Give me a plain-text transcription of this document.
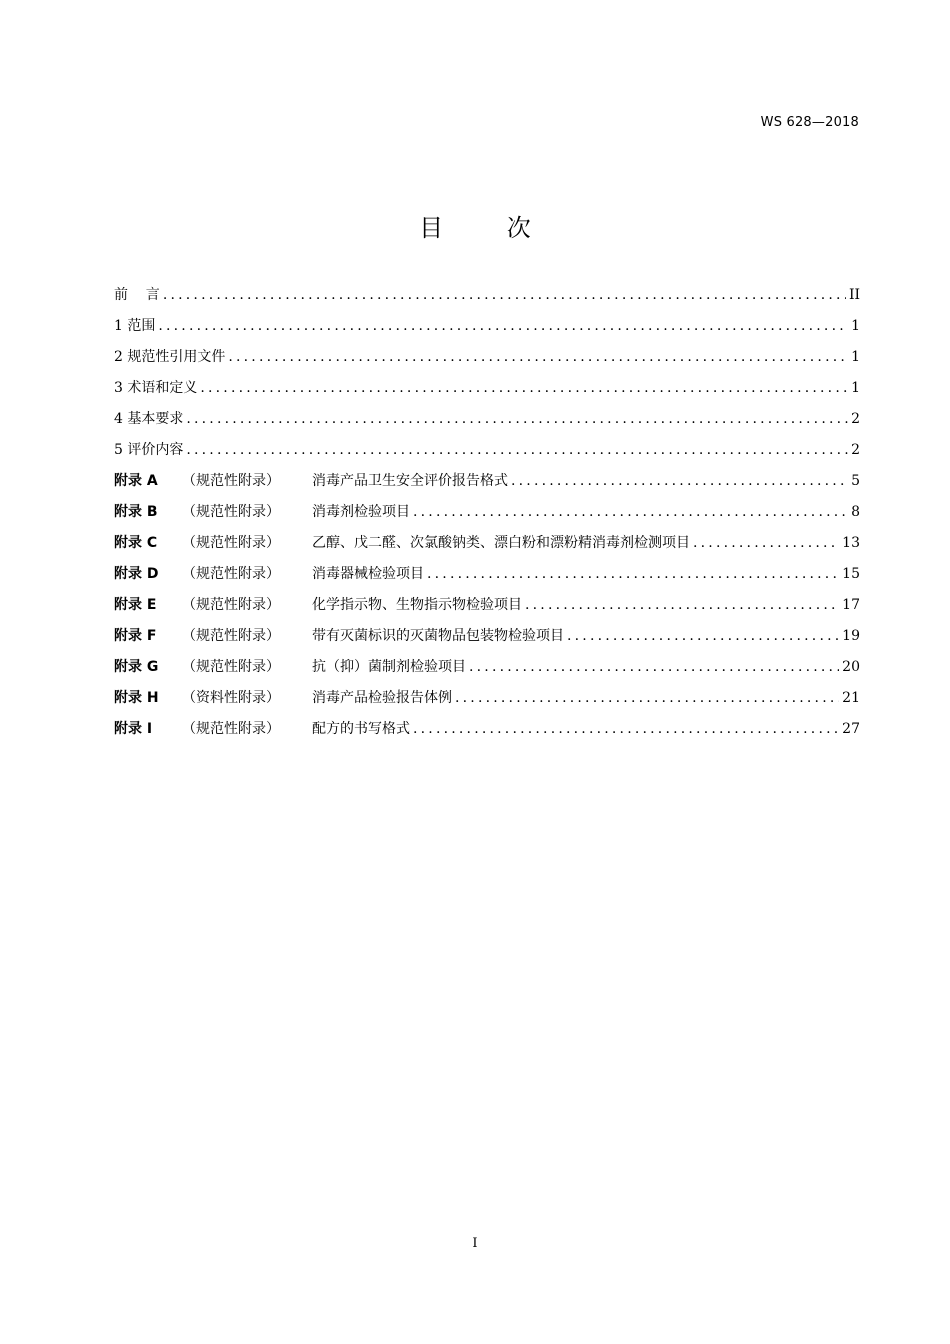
WS 628—2018
目 次
前    言 .....	II
1 范围 .....	1
2 规范性引用文件 .....	1
3 术语和定义 .....	1
4 基本要求 .....	2
5 评价内容 .....	2
附录 A	（规范性附录）	消毒产品卫生安全评价报告格式 .....	5
附录 B	（规范性附录）	消毒剂检验项目 .....	8
附录 C	（规范性附录）	乙醇、戊二醛、次氯酸钠类、漂白粉和漂粉精消毒剂检测项目 .....	13
附录 D	（规范性附录）	消毒器械检验项目 .....	15
附录 E	（规范性附录）	化学指示物、生物指示物检验项目 .....	17
附录 F	（规范性附录）	带有灭菌标识的灭菌物品包装物检验项目 .....	19
附录 G	（规范性附录）	抗（抑）菌制剂检验项目 .....	20
附录 H	（资料性附录）	消毒产品检验报告体例 .....	21
附录 I	（规范性附录）	配方的书写格式 .....	27
I
